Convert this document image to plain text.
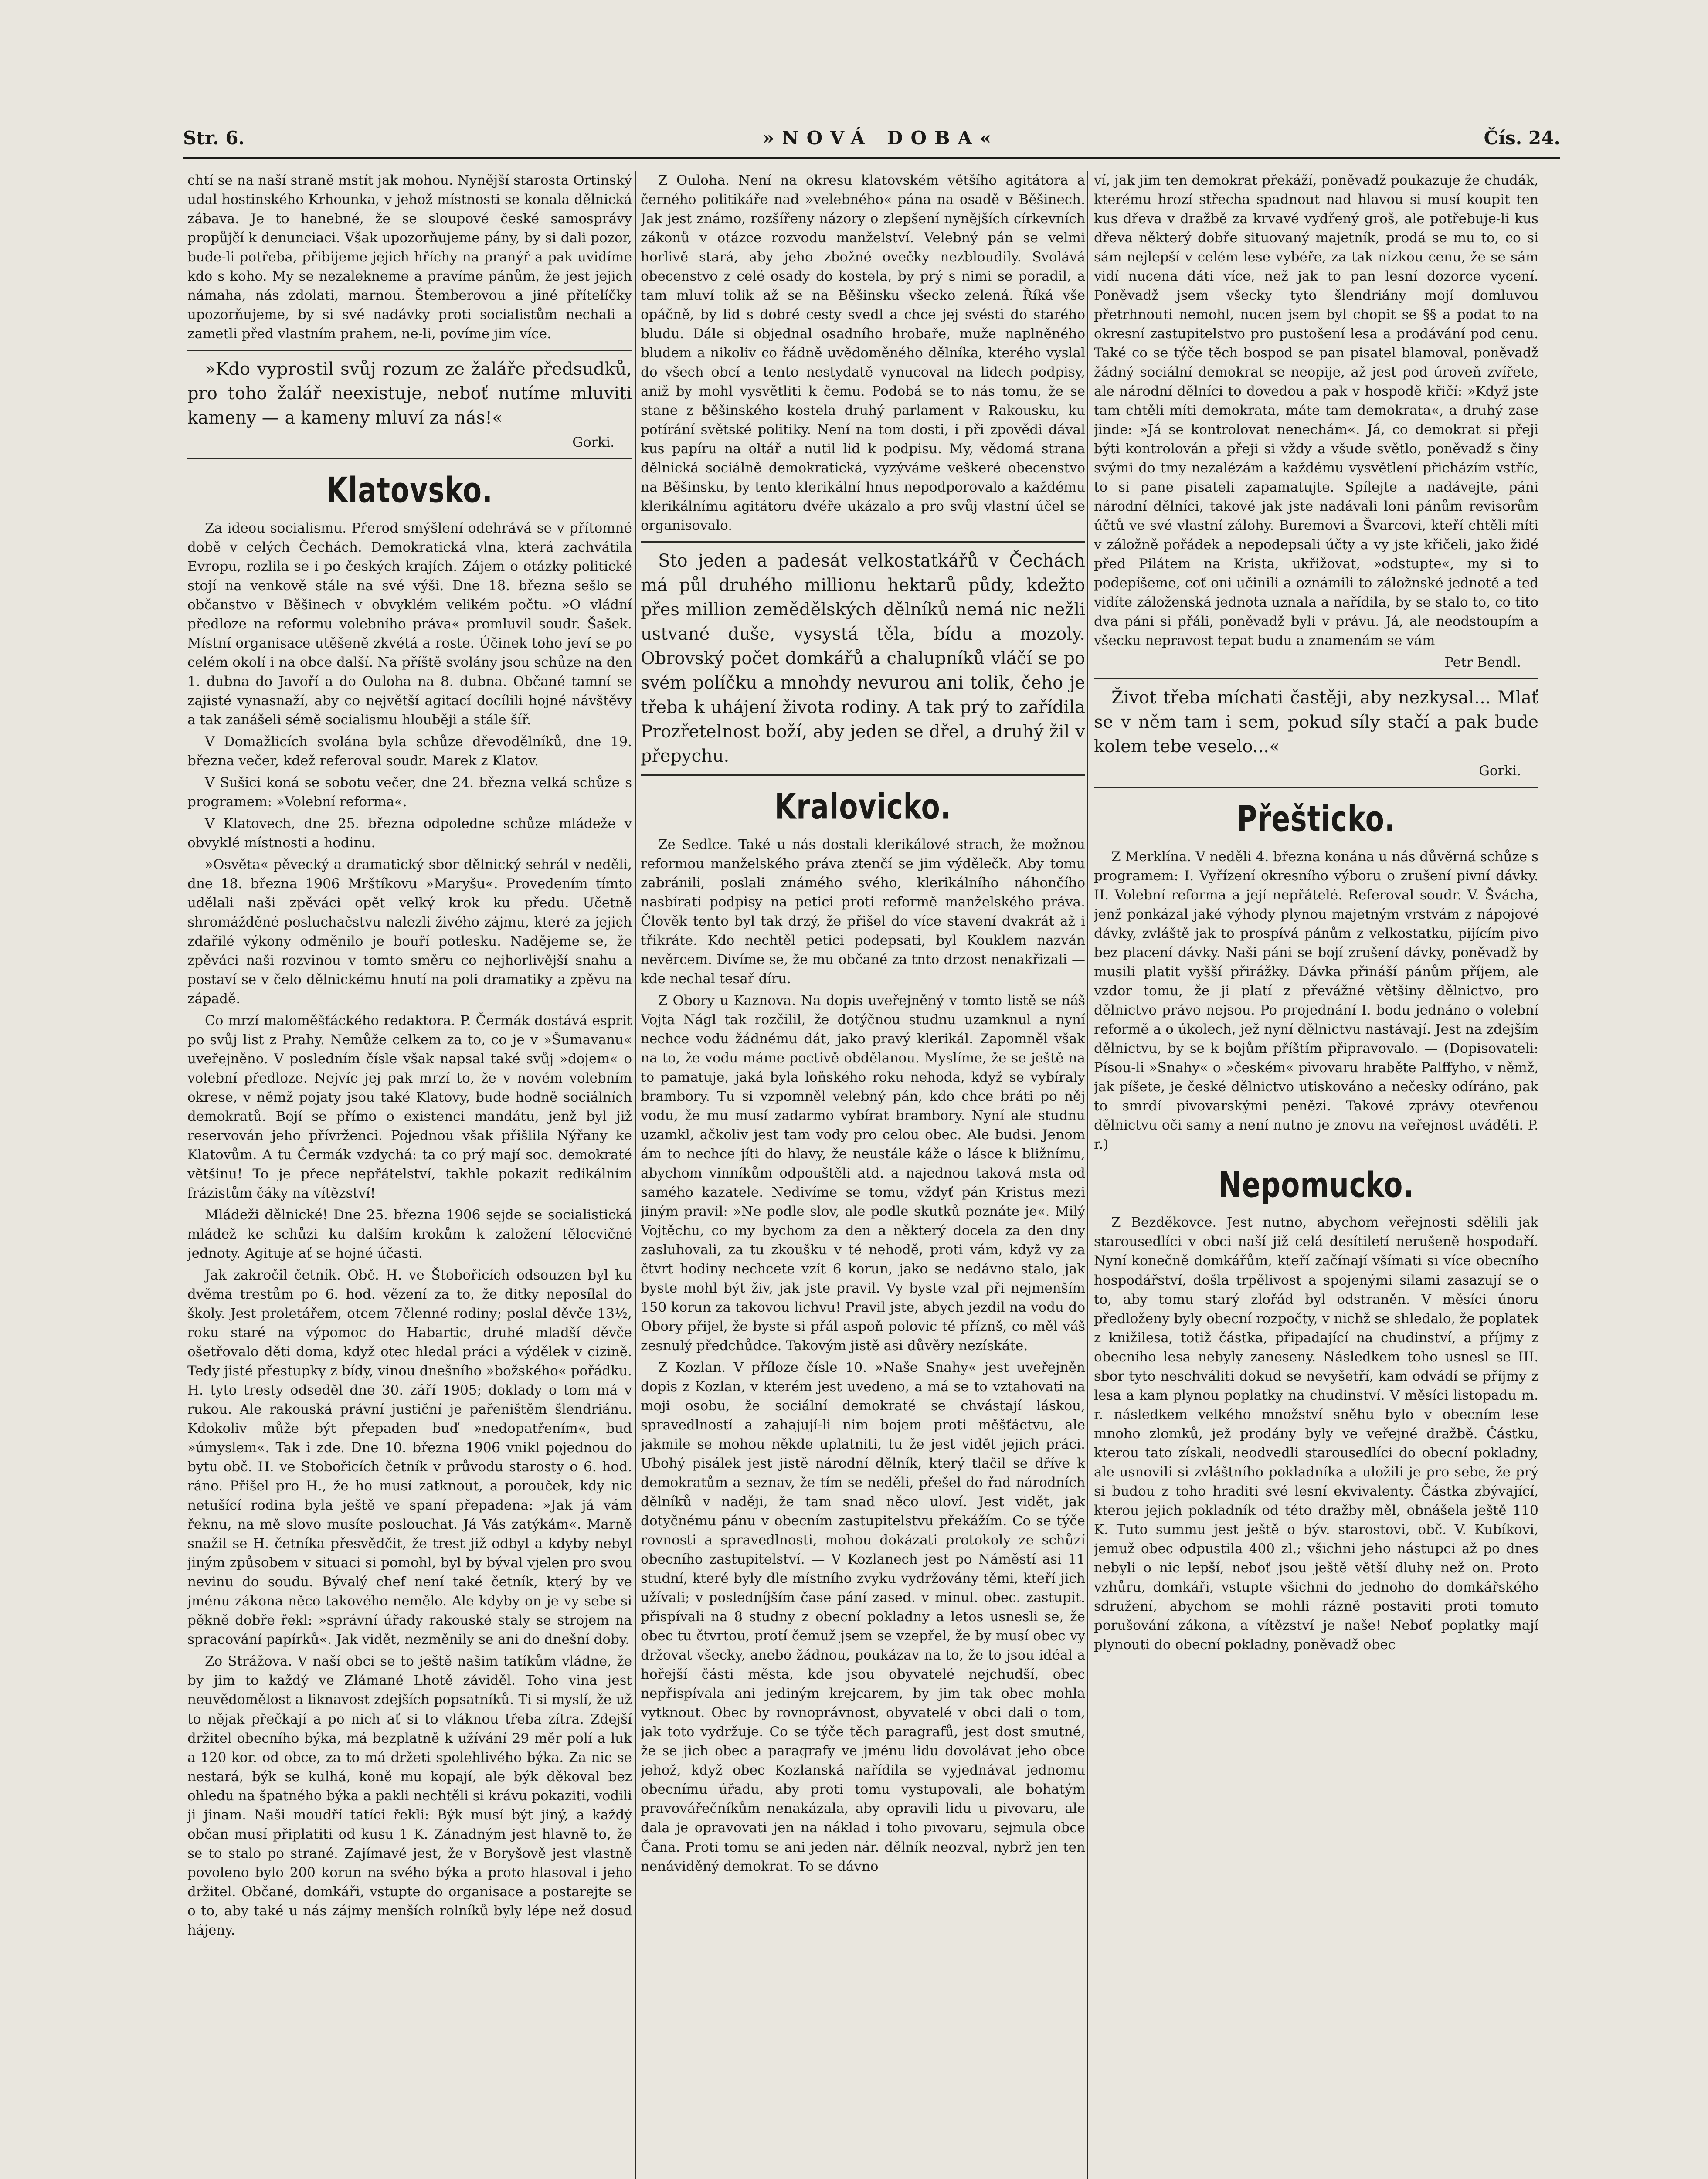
Str. 6.	»NOVÁ DOBA«	Čís. 24.

chtí se na naší straně mstít jak mohou. Nynější starosta Ortinský udal hostinského Krhounka, v jehož místnosti se konala dělnická zábava. Je to hanebné, že se sloupové české samosprávy propůjčí k denunciaci. Však upozorňujeme pány, by si dali pozor, bude-li potřeba, přibijeme jejich hříchy na pranýř a pak uvidíme kdo s koho. My se nezalekneme a pravíme pánům, že jest jejich námaha, nás zdolati, marnou. Štemberovou a jiné přítelíčky upozorňujeme, by si své nadávky proti socialistům nechali a zametli před vlastním prahem, ne-li, povíme jim více.

»Kdo vyprostil svůj rozum ze žaláře předsudků, pro toho žalář neexistuje, neboť nutíme mluviti kameny — a kameny mluví za nás!«

Gorki.
Klatovsko.

Za ideou socialismu. Přerod smýšlení odehrává se v přítomné době v celých Čechách. Demokratická vlna, která zachvátila Evropu, rozlila se i po českých krajích. Zájem o otázky politické stojí na venkově stále na své výši. Dne 18. března sešlo se občanstvo v Běšinech v obvyklém velikém počtu. »O vládní předloze na reformu volebního práva« promluvil soudr. Šašek. Místní organisace utěšeně zkvétá a roste. Účinek toho jeví se po celém okolí i na obce další. Na příště svolány jsou schůze na den 1. dubna do Javoří a do Ouloha na 8. dubna. Občané tamní se zajisté vynasnaží, aby co největší agitací docílili hojné návštěvy a tak zanášeli sémě socialismu hlouběji a stále šíř.

V Domažlicích svolána byla schůze dřevodělníků, dne 19. března večer, kdež referoval soudr. Marek z Klatov.

V Sušici koná se sobotu večer, dne 24. března velká schůze s programem: »Volební reforma«.

V Klatovech, dne 25. března odpoledne schůze mládeže v obvyklé místnosti a hodinu.

»Osvěta« pěvecký a dramatický sbor dělnický sehrál v neděli, dne 18. března 1906 Mrštíkovu »Maryšu«. Provedením tímto udělali naši zpěváci opět velký krok ku předu. Učetně shromážděné posluchačstvu nalezli živého zájmu, které za jejich zdařilé výkony odměnilo je bouří potlesku. Nadějeme se, že zpěváci naši rozvinou v tomto směru co nejhorlivější snahu a postaví se v čelo dělnickému hnutí na poli dramatiky a zpěvu na západě.

Co mrzí maloměšťáckého redaktora. P. Čermák dostává esprit po svůj list z Prahy. Nemůže celkem za to, co je v »Šumavanu« uveřejněno. V posledním čísle však napsal také svůj »dojem« o volební předloze. Nejvíc jej pak mrzí to, že v novém volebním okrese, v němž pojaty jsou také Klatovy, bude hodně sociálních demokratů. Bojí se přímo o existenci mandátu, jenž byl již reservován jeho přívrženci. Pojednou však přišlila Nýřany ke Klatovům. A tu Čermák vzdychá: ta co prý mají soc. demokraté většinu! To je přece nepřátelství, takhle pokazit redikálním frázistům čáky na vítězství!

Mládeži dělnické! Dne 25. března 1906 sejde se socialistická mládež ke schůzi ku dalším krokům k založení tělocvičné jednoty. Agituje ať se hojné účasti.

Jak zakročil četník. Obč. H. ve Štobořicích odsouzen byl ku dvěma trestům po 6. hod. vězení za to, že ditky neposílal do školy. Jest proletářem, otcem 7členné rodiny; poslal děvče 13½, roku staré na výpomoc do Habartic, druhé mladší děvče ošetřovalo děti doma, když otec hledal práci a výdělek v cizině. Tedy jisté přestupky z bídy, vinou dnešního »božského« pořádku. H. tyto tresty odseděl dne 30. září 1905; doklady o tom má v rukou. Ale rakouská právní justiční je pařeništěm šlendriánu. Kdokoliv může být přepaden buď »nedopatřením«, buď »úmyslem«. Tak i zde. Dne 10. března 1906 vnikl pojednou do bytu obč. H. ve Stobořicích četník v průvodu starosty o 6. hod. ráno. Přišel pro H., že ho musí zatknout, a porouček, kdy nic netušící rodina byla ještě ve spaní přepadena: »Jak já vám řeknu, na mě slovo musíte poslouchat. Já Vás zatýkám«. Marně snažil se H. četníka přesvědčit, že trest již odbyl a kdyby nebyl jiným způsobem v situaci si pomohl, byl by býval vjelen pro svou nevinu do soudu. Bývalý chef není také četník, který by ve jménu zákona něco takového nemělo. Ale kdyby on je vy sebe si pěkně dobře řekl: »správní úřady rakouské staly se strojem na spracování papírků«. Jak vidět, nezměnily se ani do dnešní doby.

Zo Strážova. V naší obci se to ještě našim tatíkům vládne, že by jim to každý ve Zlámané Lhotě záviděl. Toho vina jest neuvědomělost a liknavost zdejších popsatníků. Ti si myslí, že už to nějak přečkají a po nich ať si to vláknou třeba zítra. Zdejší držitel obecního býka, má bezplatně k užívání 29 měr polí a luk a 120 kor. od obce, za to má držeti spolehlivého býka. Za nic se nestará, býk se kulhá, koně mu kopají, ale býk děkoval bez ohledu na špatného býka a pakli nechtěli si krávu pokaziti, vodili ji jinam. Naši moudří tatíci řekli: Býk musí být jiný, a každý občan musí připlatiti od kusu 1 K. Zánadným jest hlavně to, že se to stalo po strané. Zajímavé jest, že v Boryšově jest vlastně povoleno bylo 200 korun na svého býka a proto hlasoval i jeho držitel. Občané, domkáři, vstupte do organisace a postarejte se o to, aby také u nás zájmy menších rolníků byly lépe než dosud hájeny.

Z Ouloha. Není na okresu klatovském většího agitátora a černého politikáře nad »velebného« pána na osadě v Běšinech. Jak jest známo, rozšířeny názory o zlepšení nynějších církevních zákonů v otázce rozvodu manželství. Velebný pán se velmi horlivě stará, aby jeho zbožné ovečky nezbloudily. Svolává obecenstvo z celé osady do kostela, by prý s nimi se poradil, a tam mluví tolik až se na Běšinsku všecko zelená. Říká vše opáčně, by lid s dobré cesty svedl a chce jej svésti do starého bludu. Dále si objednal osadního hrobaře, muže naplněného bludem a nikoliv co řádně uvědoměného dělníka, kterého vyslal do všech obcí a tento nestydatě vynucoval na lidech podpisy, aniž by mohl vysvětliti k čemu. Podobá se to nás tomu, že se stane z běšinského kostela druhý parlament v Rakousku, ku potírání světské politiky. Není na tom dosti, i při zpovědi dával kus papíru na oltář a nutil lid k podpisu. My, vědomá strana dělnická sociálně demokratická, vyzýváme veškeré obecenstvo na Běšinsku, by tento klerikální hnus nepodporovalo a každému klerikálnímu agitátoru dvéře ukázalo a pro svůj vlastní účel se organisovalo.

Sto jeden a padesát velkostatkářů v Čechách má půl druhého millionu hektarů půdy, kdežto přes million zemědělských dělníků nemá nic nežli ustvané duše, vysystá těla, bídu a mozoly. Obrovský počet domkářů a chalupníků vláčí se po svém políčku a mnohdy nevurou ani tolik, čeho je třeba k uhájení života rodiny. A tak prý to zařídila Prozřetelnost boží, aby jeden se dřel, a druhý žil v přepychu.

Kralovicko.

Ze Sedlce. Také u nás dostali klerikálové strach, že možnou reformou manželského práva ztenčí se jim výdělečk. Aby tomu zabránili, poslali známého svého, klerikálního náhončího nasbírati podpisy na petici proti reformě manželského práva. Člověk tento byl tak drzý, že přišel do více stavení dvakrát až i třikráte. Kdo nechtěl petici podepsati, byl Kouklem nazván nevěrcem. Divíme se, že mu občané za tnto drzost nenakřizali — kde nechal tesař díru.

Z Obory u Kaznova. Na dopis uveřejněný v tomto listě se náš Vojta Nágl tak rozčilil, že dotýčnou studnu uzamknul a nyní nechce vodu žádnému dát, jako pravý klerikál. Zapomněl však na to, že vodu máme poctivě obdělanou. Myslíme, že se ještě na to pamatuje, jaká byla loňského roku nehoda, když se vybíraly brambory. Tu si vzpomněl velebný pán, kdo chce bráti po něj vodu, že mu musí zadarmo vybírat brambory. Nyní ale studnu uzamkl, ačkoliv jest tam vody pro celou obec. Ale budsi. Jenom ám to nechce jíti do hlavy, že neustále káže o lásce k bližnímu, abychom vinníkům odpouštěli atd. a najednou taková msta od samého kazatele. Nedivíme se tomu, vždyť pán Kristus mezi jiným pravil: »Ne podle slov, ale podle skutků poznáte je«. Milý Vojtěchu, co my bychom za den a některý docela za den dny zasluhovali, za tu zkoušku v té nehodě, proti vám, když vy za čtvrt hodiny nechcete vzít 6 korun, jako se nedávno stalo, jak byste mohl být živ, jak jste pravil. Vy byste vzal při nejmenším 150 korun za takovou lichvu! Pravil jste, abych jezdil na vodu do Obory přijel, že byste si přál aspoň polovic té příznš, co měl váš zesnulý předchůdce. Takovým jistě asi důvěry nezískáte.

Z Kozlan. V příloze čísle 10. »Naše Snahy« jest uveřejněn dopis z Kozlan, v kterém jest uvedeno, a má se to vztahovati na moji osobu, že sociální demokraté se chvástají láskou, spravedlností a zahajují-li nim bojem proti měšťáctvu, ale jakmile se mohou někde uplatniti, tu že jest vidět jejich práci. Ubohý pisálek jest jistě národní dělník, který tlačil se dříve k demokratům a seznav, že tím se neděli, přešel do řad národních dělníků v naději, že tam snad něco uloví. Jest vidět, jak dotyčnému pánu v obecním zastupitelstvu překážím. Co se týče rovnosti a spravedlnosti, mohou dokázati protokoly ze schůzí obecního zastupitelství. — V Kozlanech jest po Náměstí asi 11 studní, které byly dle místního zvyku vydržovány těmi, kteří jich užívali; v posledníjším čase pání zased. v minul. obec. zastupit. přispívali na 8 studny z obecní pokladny a letos usnesli se, že obec tu čtvrtou, protí čemuž jsem se vzepřel, že by musí obec vy držovat všecky, anebo žádnou, poukázav na to, že to jsou idéal a hořejší části města, kde jsou obyvatelé nejchudší, obec nepřispívala ani jediným krejcarem, by jim tak obec mohla vytknout. Obec by rovnoprávnost, obyvatelé v obci dali o tom, jak toto vydržuje. Co se týče těch paragrafů, jest dost smutné, že se jich obec a paragrafy ve jménu lidu dovolávat jeho obce jehož, když obec Kozlanská nařídila se vyjednávat jednomu obecnímu úřadu, aby proti tomu vystupovali, ale bohatým pravovářečníkům nenakázala, aby opravili lidu u pivovaru, ale dala je opravovati jen na náklad i toho pivovaru, sejmula obce Čana. Proti tomu se ani jeden nár. dělník neozval, nybrž jen ten nenáviděný demokrat. To se dávno

ví, jak jim ten demokrat překáží, poněvadž poukazuje že chudák, kterému hrozí střecha spadnout nad hlavou si musí koupit ten kus dřeva v dražbě za krvavé vydřený groš, ale potřebuje-li kus dřeva některý dobře situovaný majetník, prodá se mu to, co si sám nejlepší v celém lese vybéře, za tak nízkou cenu, že se sám vidí nucena dáti více, než jak to pan lesní dozorce vycení. Poněvadž jsem všecky tyto šlendriány mojí domluvou přetrhnouti nemohl, nucen jsem byl chopit se §§ a podat to na okresní zastupitelstvo pro pustošení lesa a prodávání pod cenu. Také co se týče těch bospod se pan pisatel blamoval, poněvadž žádný sociální demokrat se neopije, až jest pod úroveň zvířete, ale národní dělníci to dovedou a pak v hospodě křičí: »Když jste tam chtěli míti demokrata, máte tam demokrata«, a druhý zase jinde: »Já se kontrolovat nenechám«. Já, co demokrat si přeji býti kontrolován a přeji si vždy a všude světlo, poněvadž s činy svými do tmy nezalézám a každému vysvětlení přicházím vstříc, to si pane pisateli zapamatujte. Spílejte a nadávejte, páni národní dělníci, takové jak jste nadávali loni pánům revisorům účtů ve své vlastní zálohy. Buremovi a Švarcovi, kteří chtěli míti v záložně pořádek a nepodepsali účty a vy jste křičeli, jako židé před Pilátem na Krista, ukřižovat, »odstupte«, my si to podepíšeme, coť oni učinili a oznámili to záložnské jednotě a teď vidíte záloženská jednota uznala a nařídila, by se stalo to, co tito dva páni si přáli, poněvadž byli v právu. Já, ale neodstoupím a všecku nepravost tepat budu a znamenám se vám

Petr Bendl.

Život třeba míchati častěji, aby nezkysal... Mlať se v něm tam i sem, pokud síly stačí a pak bude kolem tebe veselo...«

Gorki.
Přešticko.

Z Merklína. V neděli 4. března konána u nás důvěrná schůze s programem: I. Vyřízení okresního výboru o zrušení pivní dávky. II. Volební reforma a její nepřátelé. Referoval soudr. V. Švácha, jenž ponkázal jaké výhody plynou majetným vrstvám z nápojové dávky, zvláště jak to prospívá pánům z velkostatku, pijícím pivo bez placení dávky. Naši páni se bojí zrušení dávky, poněvadž by musili platit vyšší přirážky. Dávka přináší pánům příjem, ale vzdor tomu, že ji platí z převážné většiny dělnictvo, pro dělnictvo právo nejsou. Po projednání I. bodu jednáno o volební reformě a o úkolech, jež nyní dělnictvu nastávají. Jest na zdejším dělnictvu, by se k bojům příštím připravovalo. — (Dopisovateli: Písou-li »Snahy« o »českém« pivovaru hraběte Palffyho, v němž, jak píšete, je české dělnictvo utiskováno a nečesky odíráno, pak to smrdí pivovarskými penězi. Takové zprávy otevřenou dělnictvu oči samy a není nutno je znovu na veřejnost uváděti. P. r.)

Nepomucko.

Z Bezděkovce. Jest nutno, abychom veřejnosti sdělili jak starousedlíci v obci naší již celá desítiletí nerušeně hospodaří. Nyní konečně domkářům, kteří začínají všímati si více obecního hospodářství, došla trpělivost a spojenými silami zasazují se o to, aby tomu starý zlořád byl odstraněn. V měsíci únoru předloženy byly obecní rozpočty, v nichž se shledalo, že poplatek z knižilesa, totiž částka, připadající na chudinství, a příjmy z obecního lesa nebyly zaneseny. Následkem toho usnesl se III. sbor tyto neschváliti dokud se nevyšetří, kam odvádí se příjmy z lesa a kam plynou poplatky na chudinství. V měsíci listopadu m. r. následkem velkého množství sněhu bylo v obecním lese mnoho zlomků, jež prodány byly ve veřejné dražbě. Částku, kterou tato získali, neodvedli starousedlíci do obecní pokladny, ale usnovili si zvláštního pokladníka a uložili je pro sebe, že prý si budou z toho hraditi své lesní ekvivalenty. Částka zbývající, kterou jejich pokladník od této dražby měl, obnášela ještě 110 K. Tuto summu jest ještě o býv. starostovi, obč. V. Kubíkovi, jemuž obec odpustila 400 zl.; všichni jeho nástupci až po dnes nebyli o nic lepší, neboť jsou ještě větší dluhy než on. Proto vzhůru, domkáři, vstupte všichni do jednoho do domkářského sdružení, abychom se mohli rázně postaviti proti tomuto porušování zákona, a vítězství je naše! Neboť poplatky mají plynouti do obecní pokladny, poněvadž obec
